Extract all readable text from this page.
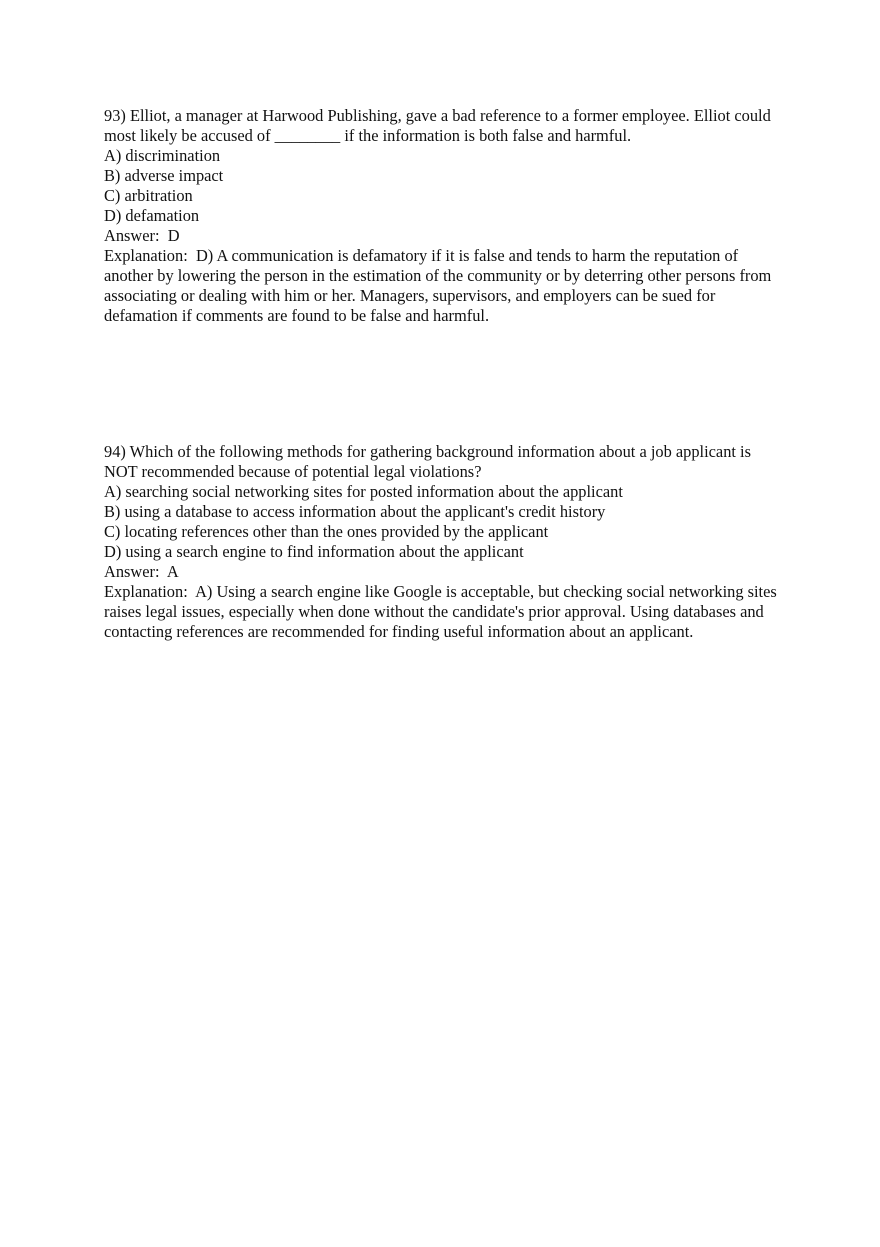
93) Elliot, a manager at Harwood Publishing, gave a bad reference to a former employee. Elliot could most likely be accused of ________ if the information is both false and harmful.

A) discrimination

B) adverse impact

C) arbitration

D) defamation

Answer: D

Explanation: D) A communication is defamatory if it is false and tends to harm the reputation of another by lowering the person in the estimation of the community or by deterring other persons from associating or dealing with him or her. Managers, supervisors, and employers can be sued for defamation if comments are found to be false and harmful.

94) Which of the following methods for gathering background information about a job applicant is NOT recommended because of potential legal violations?

A) searching social networking sites for posted information about the applicant

B) using a database to access information about the applicant's credit history

C) locating references other than the ones provided by the applicant

D) using a search engine to find information about the applicant

Answer: A

Explanation: A) Using a search engine like Google is acceptable, but checking social networking sites raises legal issues, especially when done without the candidate's prior approval. Using databases and contacting references are recommended for finding useful information about an applicant.
